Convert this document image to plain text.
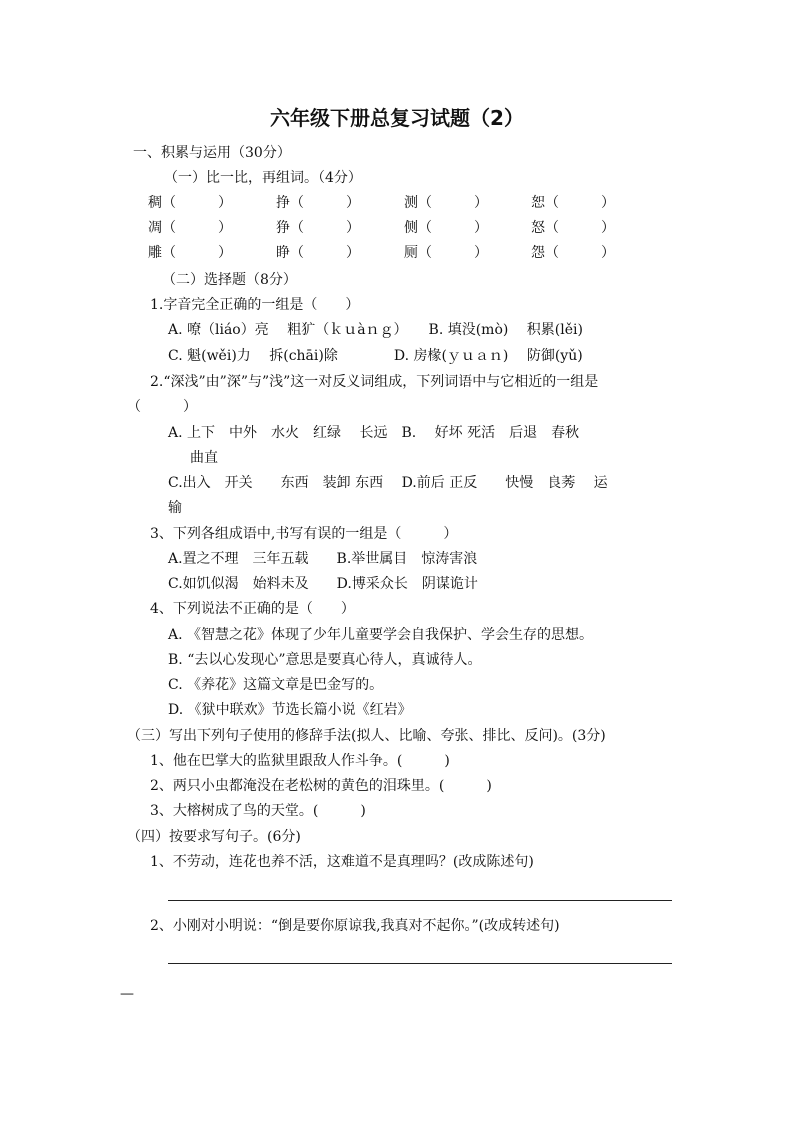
六年级下册总复习试题（2）
一、积累与运用（30分）
（一）比一比，再组词。（4分）
稠（　　　）	挣（　　　）	测（　　　）	恕（　　　）
凋（　　　）	狰（　　　）	侧（　　　）	怒（　　　）
雕（　　　）	睁（　　　）	厕（　　　）	怨（　　　）
（二）选择题（8分）
1.字音完全正确的一组是（　　）
A. 嘹（liáo）亮　 粗犷（ｋｕàｎｇ）　　B. 填没(mò)　 积累(lěi)
C. 魁(wěi)力　 拆(chāi)除　　　　D. 房椽(ｙｕａｎ)　 防御(yǔ)
2.“深浅”由”深”与”浅”这一对反义词组成，下列词语中与它相近的一组是
（　　　）
A. 上下　中外　水火　红绿　 长远　B.　 好坏 死活　后退　春秋
曲直
C.出入　开关　　东西　装卸 东西　 D.前后 正反　　快慢　良莠　 运
输
3、下列各组成语中,书写有误的一组是（　　　）
A.置之不理　三年五载　　B.举世属目　惊涛害浪
C.如饥似渴　始料未及　　D.博采众长　阴谋诡计
4、下列说法不正确的是（　　）
A. 《智慧之花》体现了少年儿童要学会自我保护、学会生存的思想。
B. “去以心发现心”意思是要真心待人，真诚待人。
C. 《养花》这篇文章是巴金写的。
D. 《狱中联欢》节选长篇小说《红岩》
（三）写出下列句子使用的修辞手法(拟人、比喻、夸张、排比、反问)。(3分)
1、他在巴掌大的监狱里跟敌人作斗争。(　　　)
2、两只小虫都淹没在老松树的黄色的泪珠里。(　　　)
3、大榕树成了鸟的天堂。(　　　)
（四）按要求写句子。(6分)
1、不劳动，连花也养不活，这难道不是真理吗？(改成陈述句)
2、小刚对小明说：“倒是要你原谅我,我真对不起你。”(改成转述句)
—
